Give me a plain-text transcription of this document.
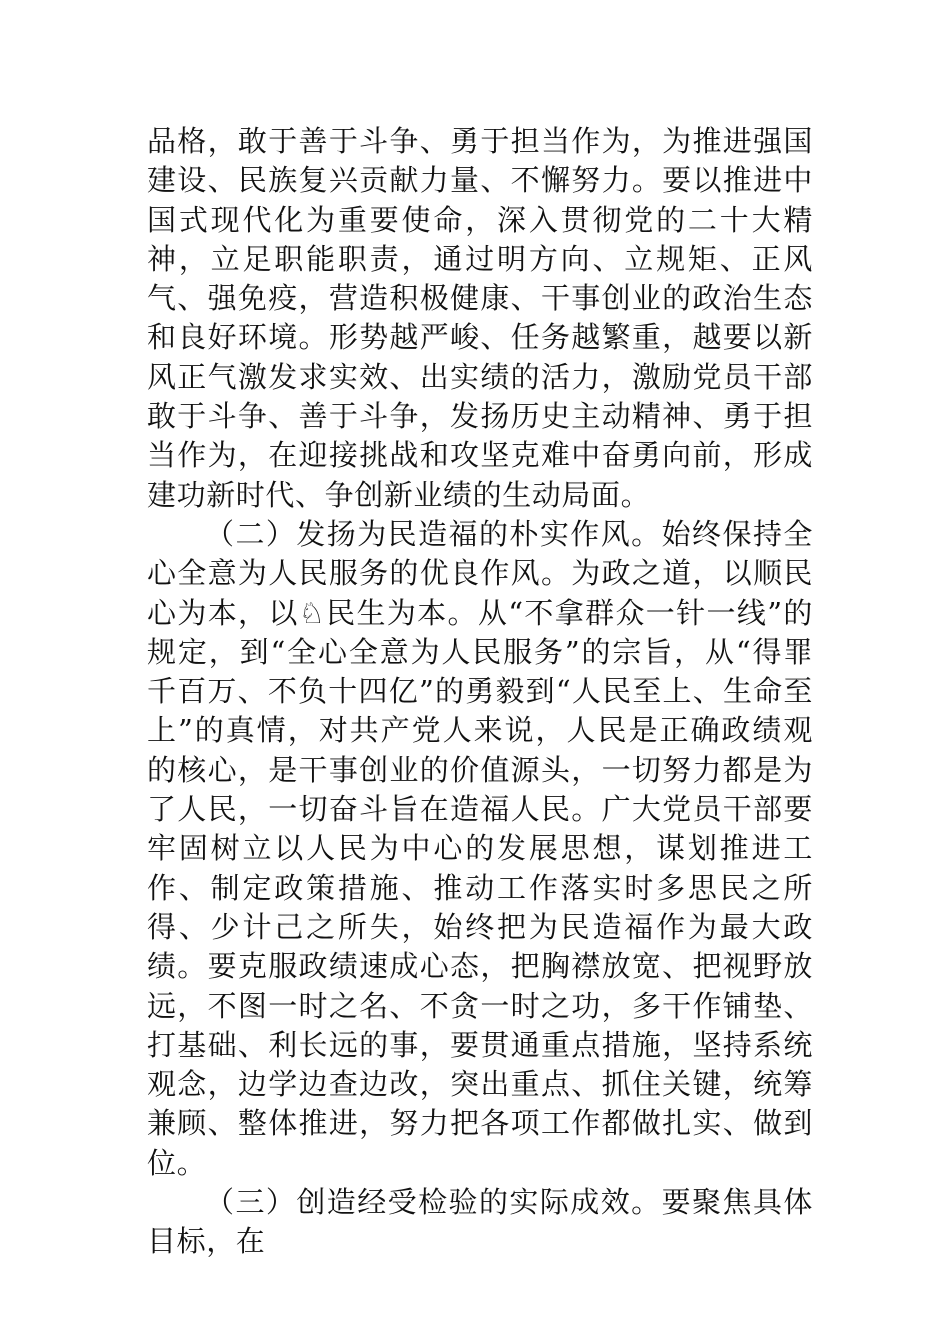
品格，敢于善于斗争、勇于担当作为，为推进强国建设、民族复兴贡献力量、不懈努力。要以推进中国式现代化为重要使命，深入贯彻党的二十大精神，立足职能职责，通过明方向、立规矩、正风气、强免疫，营造积极健康、干事创业的政治生态和良好环境。形势越严峻、任务越繁重，越要以新风正气激发求实效、出实绩的活力，激励党员干部敢于斗争、善于斗争，发扬历史主动精神、勇于担当作为，在迎接挑战和攻坚克难中奋勇向前，形成建功新时代、争创新业绩的生动局面。

（二）发扬为民造福的朴实作风。始终保持全心全意为人民服务的优良作风。为政之道，以顺民心为本，以♘民生为本。从“不拿群众一针一线”的规定，到“全心全意为人民服务”的宗旨，从“得罪千百万、不负十四亿”的勇毅到“人民至上、生命至上”的真情，对共产党人来说，人民是正确政绩观的核心，是干事创业的价值源头，一切努力都是为了人民，一切奋斗旨在造福人民。广大党员干部要牢固树立以人民为中心的发展思想，谋划推进工作、制定政策措施、推动工作落实时多思民之所得、少计己之所失，始终把为民造福作为最大政绩。要克服政绩速成心态，把胸襟放宽、把视野放远，不图一时之名、不贪一时之功，多干作铺垫、打基础、利长远的事，要贯通重点措施，坚持系统观念，边学边查边改，突出重点、抓住关键，统筹兼顾、整体推进，努力把各项工作都做扎实、做到位。

（三）创造经受检验的实际成效。要聚焦具体目标，在
